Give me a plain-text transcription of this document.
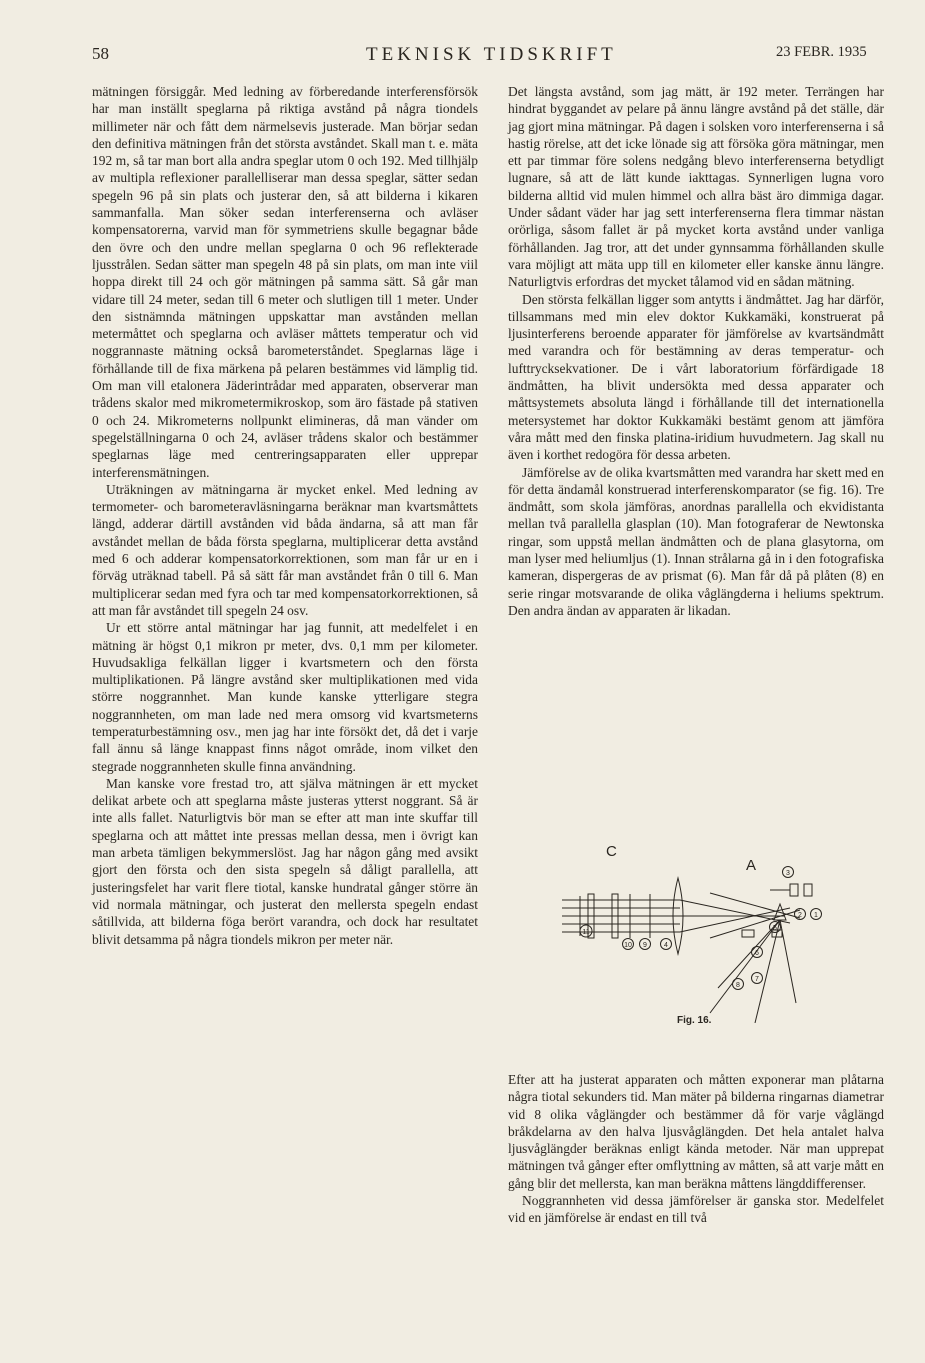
58	TEKNISK TIDSKRIFT	23 FEBR. 1935

mätningen försiggår. Med ledning av förberedande interferensförsök har man inställt speglarna på riktiga avstånd på några tiondels millimeter när och fått dem närmelsevis justerade. Man börjar sedan den definitiva mätningen från det största avståndet. Skall man t. e. mäta 192 m, så tar man bort alla andra speglar utom 0 och 192. Med tillhjälp av multipla reflexioner parallelliserar man dessa speglar, sätter sedan spegeln 96 på sin plats och justerar den, så att bilderna i kikaren sammanfalla. Man söker sedan interferenserna och avläser kompensatorerna, varvid man för symmetriens skulle begagnar både den övre och den undre mellan speglarna 0 och 96 reflekterade ljusstrålen. Sedan sätter man spegeln 48 på sin plats, om man inte viil hoppa direkt till 24 och gör mätningen på samma sätt. Så går man vidare till 24 meter, sedan till 6 meter och slutligen till 1 meter. Under den sistnämnda mätningen uppskattar man avstånden mellan metermåttet och speglarna och avläser måttets temperatur och vid noggrannaste mätning också barometerståndet. Speglarnas läge i förhållande till de fixa märkena på pelaren bestämmes vid lämplig tid. Om man vill etalonera Jäderintrådar med apparaten, observerar man trådens skalor med mikrometermikroskop, som äro fästade på stativen 0 och 24. Mikrometerns nollpunkt elimineras, då man vänder om spegelställningarna 0 och 24, avläser trådens skalor och bestämmer speglarnas läge med centreringsapparaten eller upprepar interferensmätningen.

Uträkningen av mätningarna är mycket enkel. Med ledning av termometer- och barometeravläsningarna beräknar man kvartsmåttets längd, adderar därtill avstånden vid båda ändarna, så att man får avståndet mellan de båda första speglarna, multiplicerar detta avstånd med 6 och adderar kompensatorkorrektionen, som man får ur en i förväg uträknad tabell. På så sätt får man avståndet från 0 till 6. Man multiplicerar sedan med fyra och tar med kompensatorkorrektionen, så att man får avståndet till spegeln 24 osv.

Ur ett större antal mätningar har jag funnit, att medelfelet i en mätning är högst 0,1 mikron pr meter, dvs. 0,1 mm per kilometer. Huvudsakliga felkällan ligger i kvartsmetern och den första multiplikationen. På längre avstånd sker multiplikationen med vida större noggrannhet. Man kunde kanske ytterligare stegra noggrannheten, om man lade ned mera omsorg vid kvartsmeterns temperaturbestämning osv., men jag har inte försökt det, då det i varje fall ännu så länge knappast finns något område, inom vilket den stegrade noggrannheten skulle finna användning.

Man kanske vore frestad tro, att själva mätningen är ett mycket delikat arbete och att speglarna måste justeras ytterst noggrant. Så är inte alls fallet. Naturligtvis bör man se efter att man inte skuffar till speglarna och att måttet inte pressas mellan dessa, men i övrigt kan man arbeta tämligen bekymmerslöst. Jag har någon gång med avsikt gjort den första och den sista spegeln så dåligt parallella, att justeringsfelet har varit flere tiotal, kanske hundratal gånger större än vid normala mätningar, och justerat den mellersta spegeln endast såtillvida, att bilderna föga berört varandra, och dock har resultatet blivit detsamma på några tiondels mikron per meter när.

Det längsta avstånd, som jag mätt, är 192 meter. Terrängen har hindrat byggandet av pelare på ännu längre avstånd på det ställe, där jag gjort mina mätningar. På dagen i solsken voro interferenserna i så hastig rörelse, att det icke lönade sig att försöka göra mätningar, men ett par timmar före solens nedgång blevo interferenserna betydligt lugnare, så att de lätt kunde iakttagas. Synnerligen lugna voro bilderna alltid vid mulen himmel och allra bäst äro dimmiga dagar. Under sådant väder har jag sett interferenserna flera timmar nästan orörliga, såsom fallet är på mycket korta avstånd under vanliga förhållanden. Jag tror, att det under gynnsamma förhållanden skulle vara möjligt att mäta upp till en kilometer eller kanske ännu längre. Naturligtvis erfordras det mycket tålamod vid en sådan mätning.

Den största felkällan ligger som antytts i ändmåttet. Jag har därför, tillsammans med min elev doktor Kukkamäki, konstruerat på ljusinterferens beroende apparater för jämförelse av kvartsändmått med varandra och för bestämning av deras temperatur- och lufttrycksekvationer. De i vårt laboratorium förfärdigade 18 ändmåtten, ha blivit undersökta med dessa apparater och måttsystemets absoluta längd i förhållande till det internationella metersystemet har doktor Kukkamäki bestämt genom att jämföra våra mått med den finska platina-iridium huvudmetern. Jag skall nu även i korthet redogöra för dessa arbeten.

Jämförelse av de olika kvartsmåtten med varandra har skett med en för detta ändamål konstruerad interferenskomparator (se fig. 16). Tre ändmått, som skola jämföras, anordnas parallella och ekvidistanta mellan två parallella glasplan (10). Man fotograferar de Newtonska ringar, som uppstå mellan ändmåtten och de plana glasytorna, om man lyser med heliumljus (1). Innan strålarna gå in i den fotografiska kameran, dispergeras de av prismat (6). Man får då på plåten (8) en serie ringar motsvarande de olika våglängderna i heliums spektrum. Den andra ändan av apparaten är likadan.

C
A
1
2
3
4
5
6
7
8
9
10
11
Fig. 16.

Efter att ha justerat apparaten och måtten exponerar man plåtarna några tiotal sekunders tid. Man mäter på bilderna ringarnas diametrar vid 8 olika våglängder och bestämmer då för varje våglängd bråkdelarna av den halva ljusvåglängden. Det hela antalet halva ljusvåglängder beräknas enligt kända metoder. När man upprepat mätningen två gånger efter omflyttning av måtten, så att varje mått en gång blir det mellersta, kan man beräkna måttens längddifferenser.

Noggrannheten vid dessa jämförelser är ganska stor. Medelfelet vid en jämförelse är endast en till två
